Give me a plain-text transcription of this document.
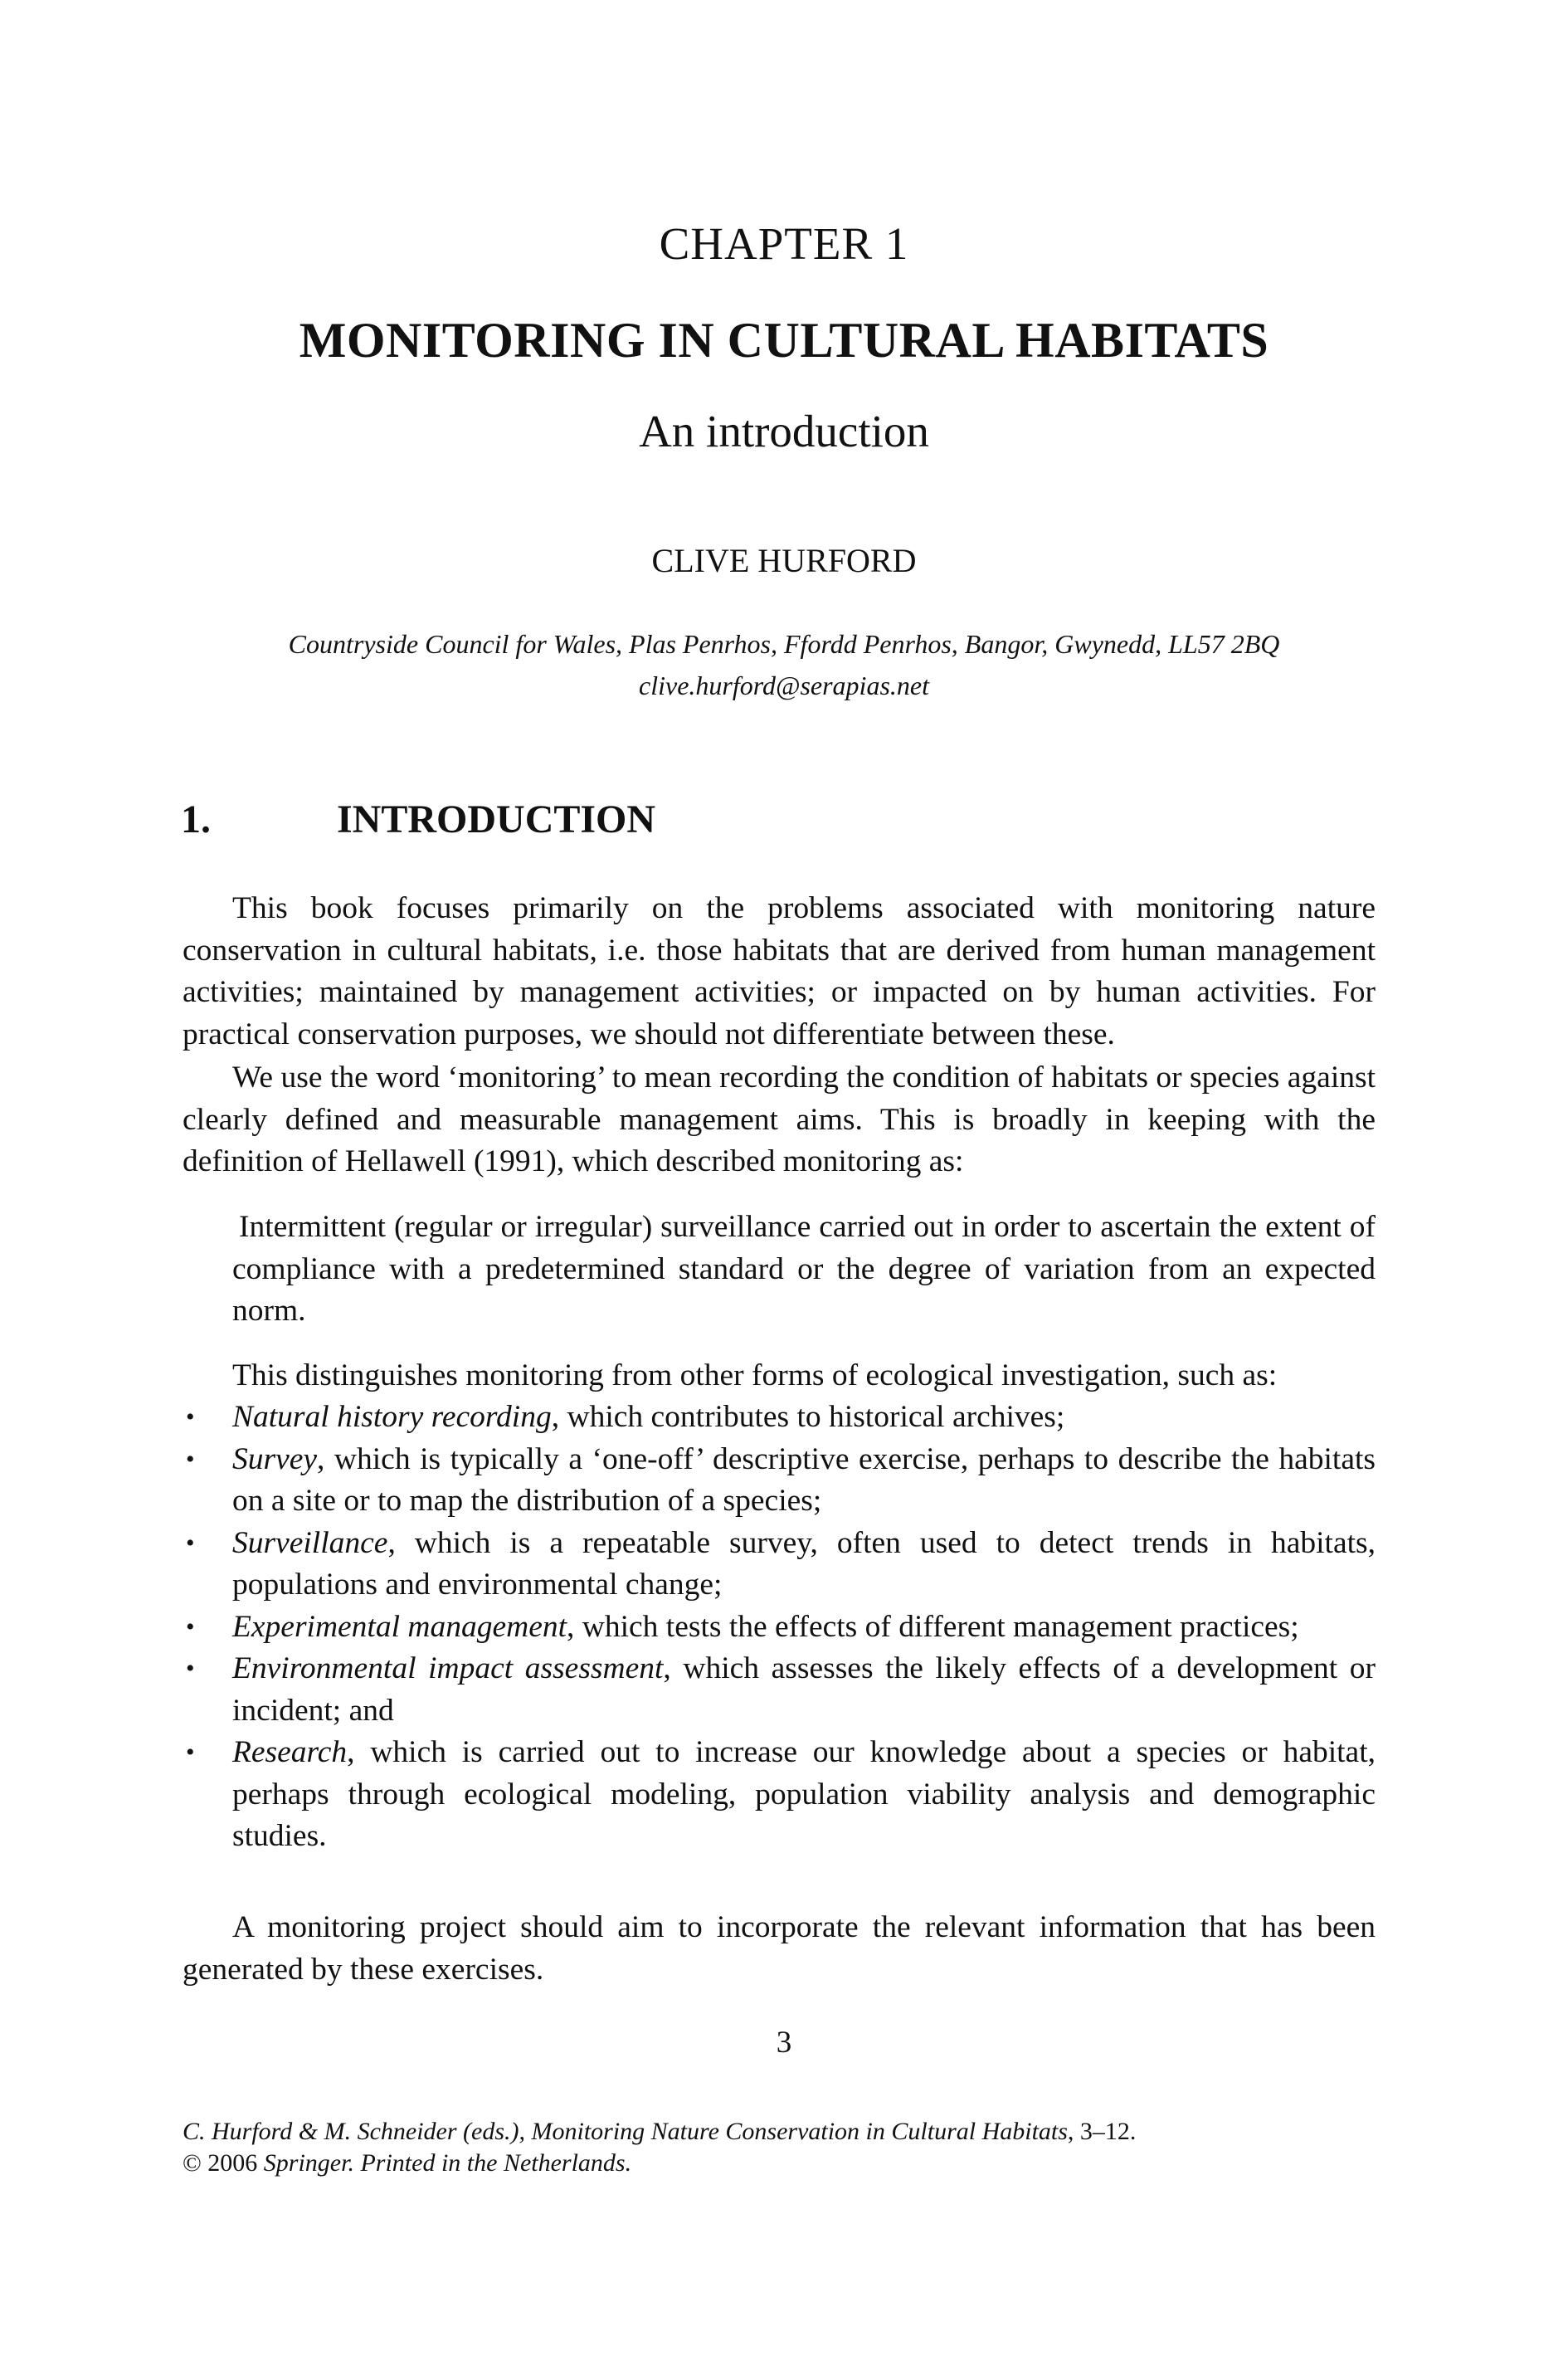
CHAPTER 1
MONITORING IN CULTURAL HABITATS
An introduction
CLIVE HURFORD
Countryside Council for Wales, Plas Penrhos, Ffordd Penrhos, Bangor, Gwynedd, LL57 2BQ
clive.hurford@serapias.net
1.	INTRODUCTION

This book focuses primarily on the problems associated with monitoring nature conservation in cultural habitats, i.e. those habitats that are derived from human management activities; maintained by management activities; or impacted on by human activities. For practical conservation purposes, we should not differentiate between these.

We use the word ‘monitoring’ to mean recording the condition of habitats or species against clearly defined and measurable management aims. This is broadly in keeping with the definition of Hellawell (1991), which described monitoring as:

Intermittent (regular or irregular) surveillance carried out in order to ascertain the extent of compliance with a predetermined standard or the degree of variation from an expected norm.

This distinguishes monitoring from other forms of ecological investigation, such as:

• Natural history recording, which contributes to historical archives;
• Survey, which is typically a ‘one-off’ descriptive exercise, perhaps to describe the habitats on a site or to map the distribution of a species;
• Surveillance, which is a repeatable survey, often used to detect trends in habitats, populations and environmental change;
• Experimental management, which tests the effects of different management practices;
• Environmental impact assessment, which assesses the likely effects of a development or incident; and
• Research, which is carried out to increase our knowledge about a species or habitat, perhaps through ecological modeling, population viability analysis and demographic studies.

A monitoring project should aim to incorporate the relevant information that has been generated by these exercises.

3
C. Hurford & M. Schneider (eds.), Monitoring Nature Conservation in Cultural Habitats, 3–12.
© 2006 Springer. Printed in the Netherlands.
